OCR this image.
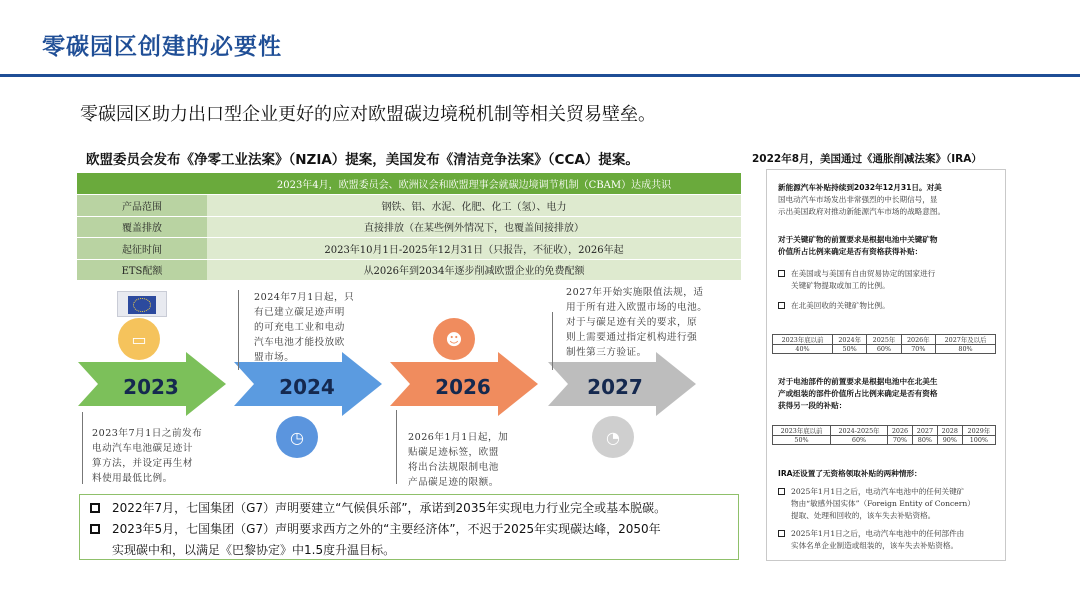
零碳园区创建的必要性
零碳园区助力出口型企业更好的应对欧盟碳边境税机制等相关贸易壁垒。
欧盟委员会发布《净零工业法案》（NZIA）提案，美国发布《清洁竞争法案》（CCA）提案。	2022年8月，美国通过《通胀削减法案》（IRA）
	2023年4月，欧盟委员会、欧洲议会和欧盟理事会就碳边境调节机制（CBAM）达成共识
产品范围	钢铁、铝、水泥、化肥、化工（氢）、电力
覆盖排放	直接排放（在某些例外情况下，也覆盖间接排放）
起征时间	2023年10月1日-2025年12月31日（只报告，不征收），2026年起
ETS配额	从2026年到2034年逐步削减欧盟企业的免费配额
▭
◷
☻
◔
2023	2024	2026	2027
2023年7月1日之前发布
电动汽车电池碳足迹计
算方法，并设定再生材
料使用最低比例。
2024年7月1日起，只
有已建立碳足迹声明
的可充电工业和电动
汽车电池才能投放欧
盟市场。
2026年1月1日起，加
贴碳足迹标签，欧盟
将出台法规限制电池
产品碳足迹的限额。
2027年开始实施限值法规，适
用于所有进入欧盟市场的电池。
对于与碳足迹有关的要求，原
则上需要通过指定机构进行强
制性第三方验证。
2022年7月，七国集团（G7）声明要建立“气候俱乐部”，承诺到2035年实现电力行业完全或基本脱碳。
2023年5月，七国集团（G7）声明要求西方之外的“主要经济体”，不迟于2025年实现碳达峰，2050年
实现碳中和，以满足《巴黎协定》中1.5度升温目标。
新能源汽车补贴持续到2032年12月31日。对美
国电动汽车市场发出非常强烈的中长期信号，显
示出美国政府对推动新能源汽车市场的战略意图。
对于关键矿物的前置要求是根据电池中关键矿物
价值所占比例来确定是否有资格获得补贴：
在美国或与美国有自由贸易协定的国家进行
关键矿物提取或加工的比例。
在北美回收的关键矿物比例。
2023年底以前	2024年	2025年	2026年	2027年及以后
40%	50%	60%	70%	80%
对于电池部件的前置要求是根据电池中在北美生
产或组装的部件价值所占比例来确定是否有资格
获得另一段的补贴：
2023年底以前	2024-2025年	2026	2027	2028	2029年
50%	60%	70%	80%	90%	100%
IRA还设置了无资格领取补贴的两种情形：
2025年1月1日之后，电动汽车电池中的任何关键矿
物由“敏感外国实体”（Foreign Entity of Concern）
提取、处理和回收的，该车失去补贴资格。
2025年1月1日之后，电动汽车电池中的任何部件由
实体名单企业制造或组装的，该车失去补贴资格。
